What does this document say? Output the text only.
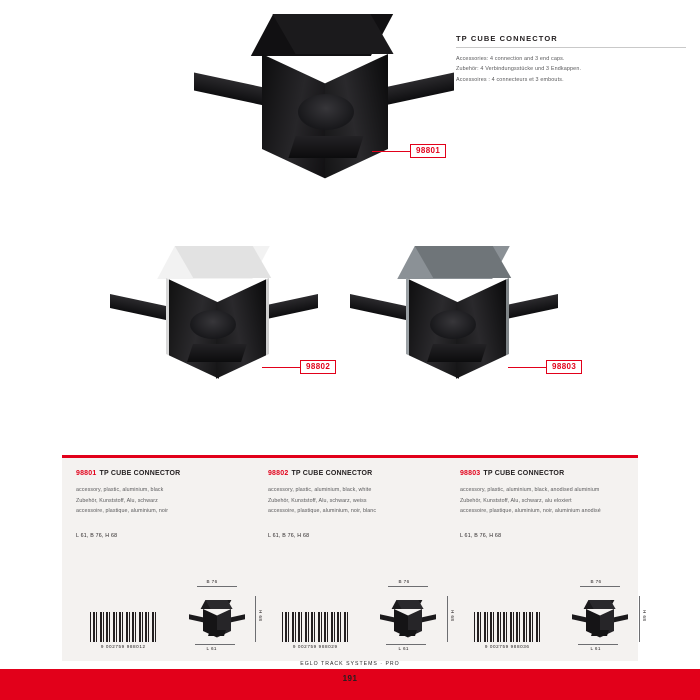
98801
TP CUBE CONNECTOR
Accessories: 4 connection and 3 end caps.
Zubehör: 4 Verbindungsstücke und 3 Endkappen.
Accessoires : 4 connecteurs et 3 embouts.
98802	98803
98801 TP CUBE CONNECTOR
accessory, plastic, aluminium, black
Zubehör, Kunststoff, Alu, schwarz
accessoire, plastique, aluminium, noir
L 61, B 76, H 68
98802 TP CUBE CONNECTOR
accessory, plastic, aluminium, black, white
Zubehör, Kunststoff, Alu, schwarz, weiss
accessoire, plastique, aluminium, noir, blanc
L 61, B 76, H 68
98803 TP CUBE CONNECTOR
accessory, plastic, aluminium, black, anodised aluminium
Zubehör, Kunststoff, Alu, schwarz, alu eloxiert
accessoire, plastique, aluminium, noir, aluminium anodisé
L 61, B 76, H 68
9 002759 988012
B 76
H 68
L 61	9 002759 988029
B 76
H 68
L 61	9 002759 988036
B 76
H 68
L 61
EGLO TRACK SYSTEMS · PRO
191
